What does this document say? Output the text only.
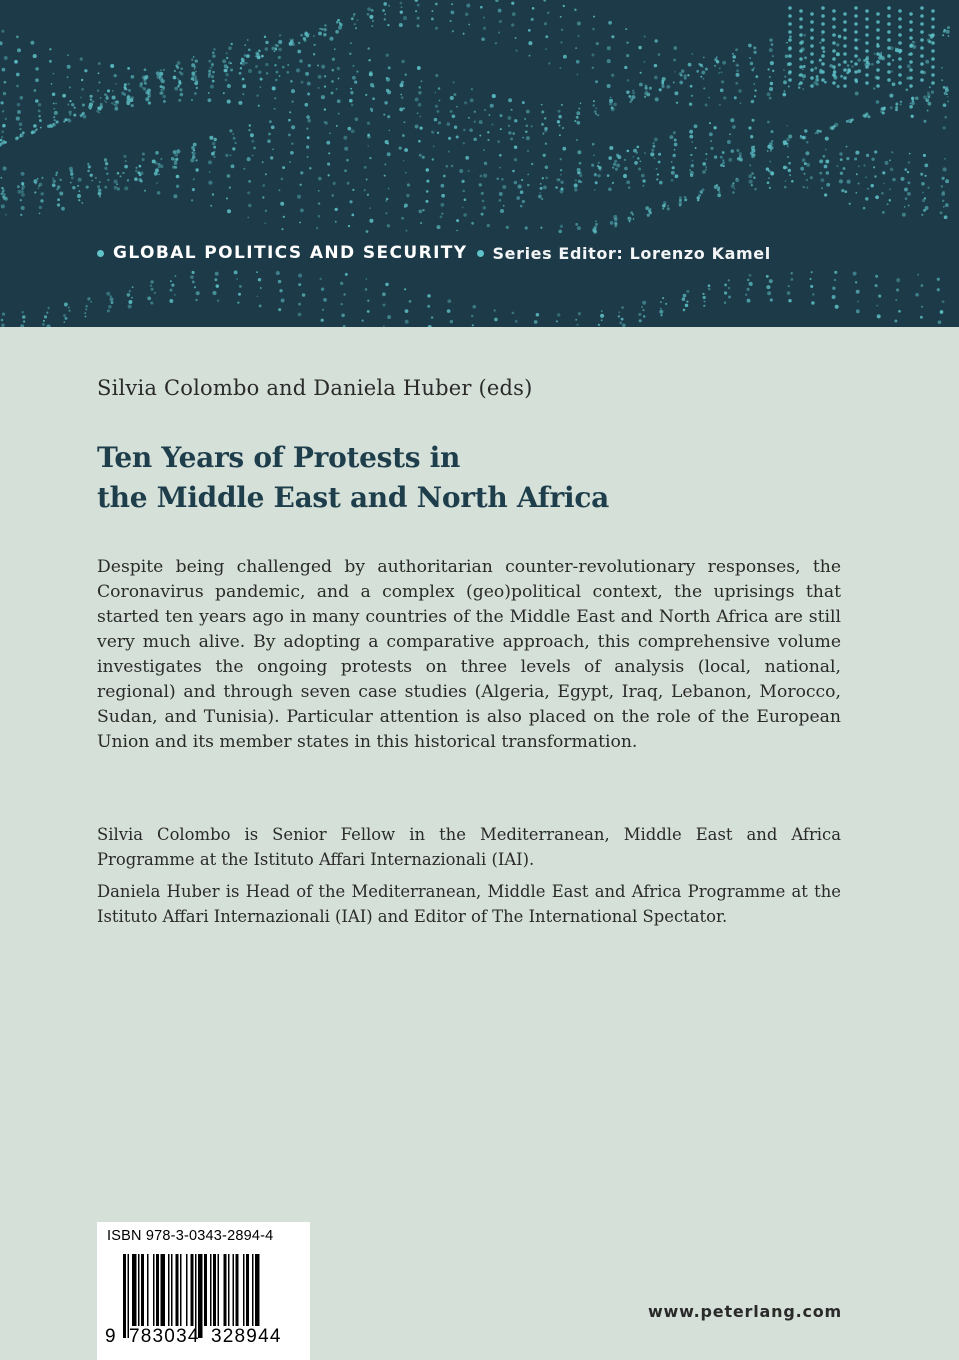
GLOBAL POLITICS AND SECURITY Series Editor: Lorenzo Kamel
Silvia Colombo and Daniela Huber (eds)
Ten Years of Protests in
the Middle East and North Africa
Despite being challenged by authoritarian counter-revolutionary responses, the Coronavirus pandemic, and a complex (geo)political context, the uprisings that started ten years ago in many countries of the Middle East and North Africa are still very much alive. By adopting a comparative approach, this comprehensive volume investigates the ongoing protests on three levels of analysis (local, national, regional) and through seven case studies (Algeria, Egypt, Iraq, Lebanon, Morocco, Sudan, and Tunisia). Particular attention is also placed on the role of the European Union and its member states in this historical transformation.
Silvia Colombo is Senior Fellow in the Mediterranean, Middle East and Africa Programme at the Istituto Affari Internazionali (IAI).
Daniela Huber is Head of the Mediterranean, Middle East and Africa Programme at the Istituto Affari Internazionali (IAI) and Editor of The International Spectator.
ISBN 978-3-0343-2894-4
9 783034 328944
www.peterlang.com
